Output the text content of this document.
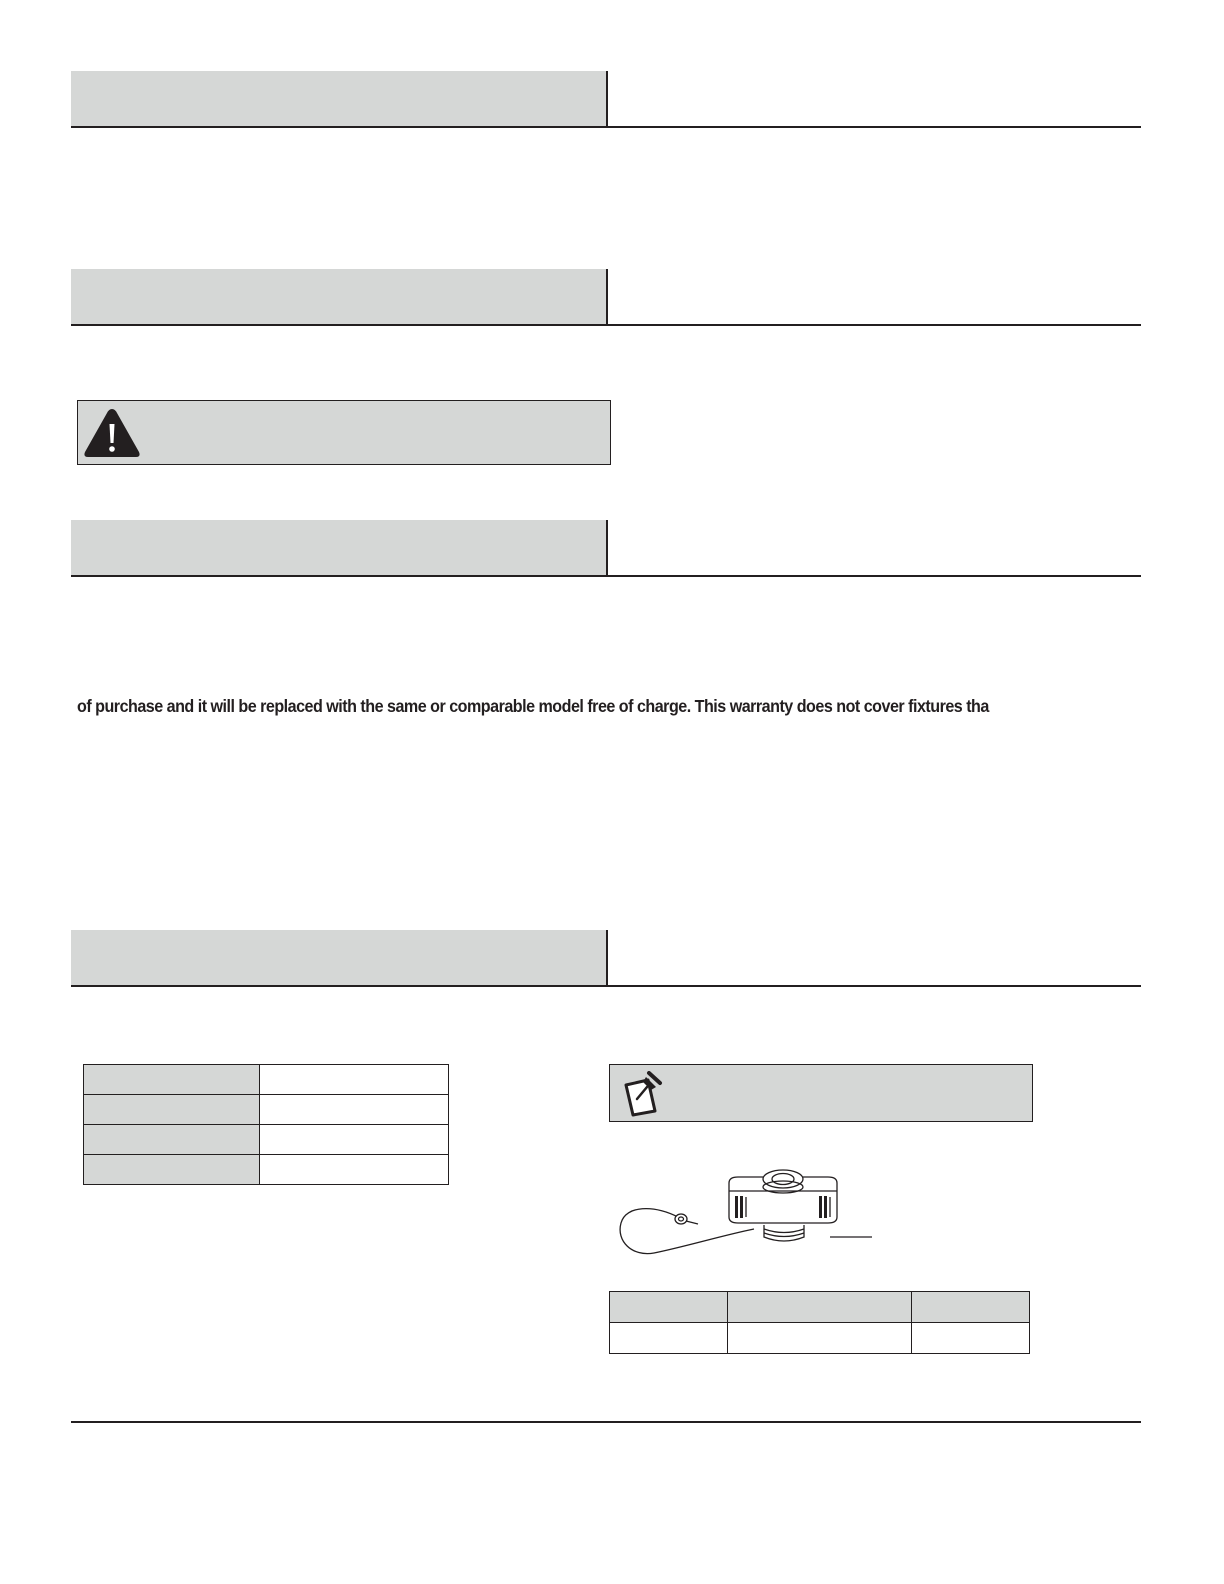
of purchase and it will be replaced with the same or comparable model free of charge. This warranty does not cover fixtures tha
